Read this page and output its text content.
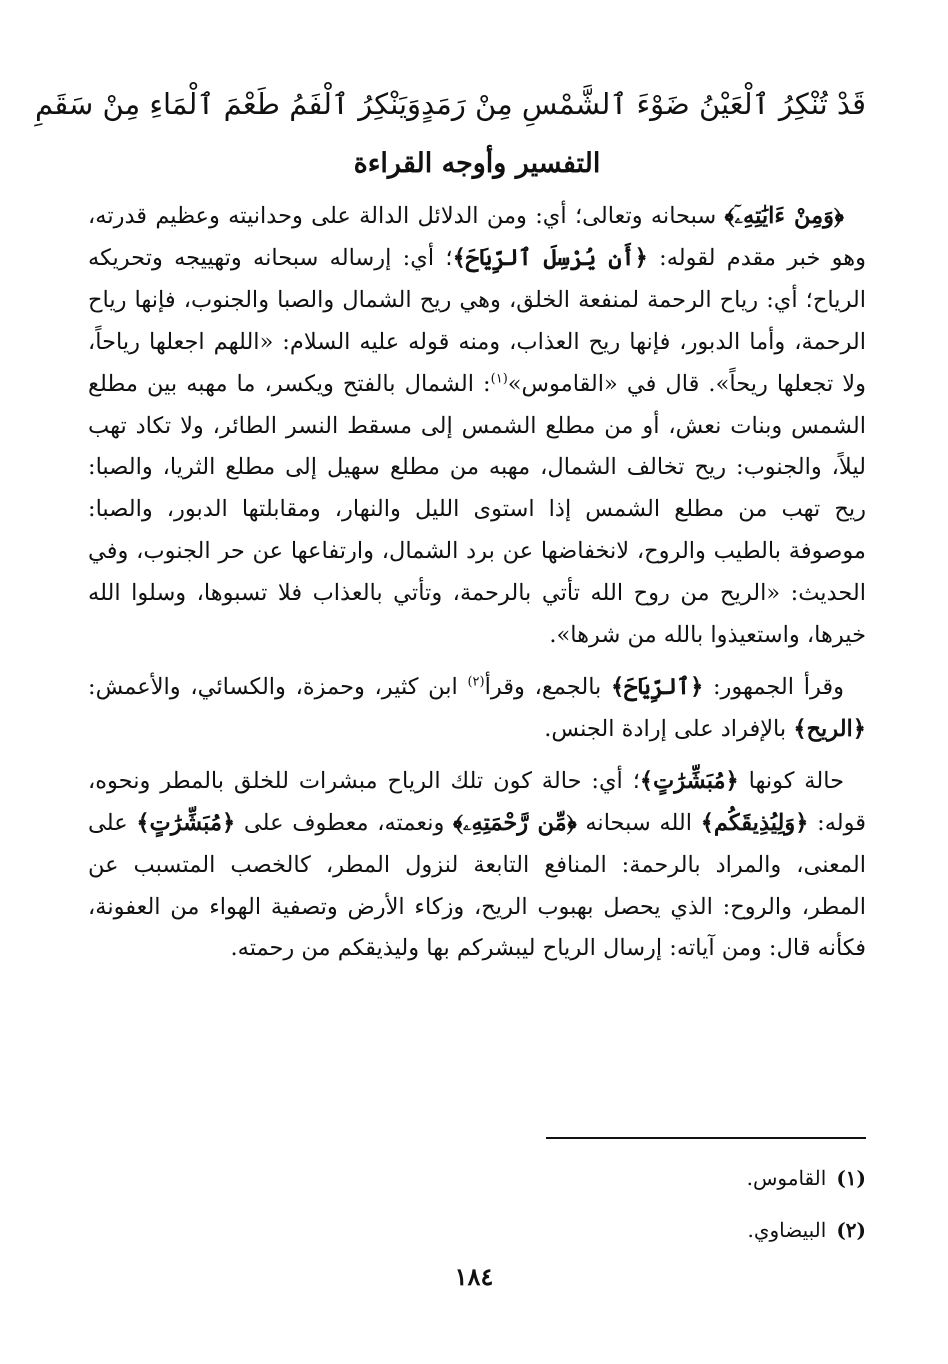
قَدْ تُنْكِرُ ٱلْعَيْنُ ضَوْءَ ٱلشَّمْسِ مِنْ رَمَدٍ
وَيَنْكِرُ ٱلْفَمُ طَعْمَ ٱلْمَاءِ مِنْ سَقَمِ
التفسير وأوجه القراءة

﴿وَمِنْ ءَايَٰتِهِۦٓ﴾ سبحانه وتعالى؛ أي: ومن الدلائل الدالة على وحدانيته وعظيم قدرته، وهو خبر مقدم لقوله: ﴿أَن يُرْسِلَ ٱلرِّيَاحَ﴾؛ أي: إرساله سبحانه وتهييجه وتحريكه الرياح؛ أي: رياح الرحمة لمنفعة الخلق، وهي ريح الشمال والصبا والجنوب، فإنها رياح الرحمة، وأما الدبور، فإنها ريح العذاب، ومنه قوله عليه السلام: «اللهم اجعلها رياحاً، ولا تجعلها ريحاً». قال في «القاموس»$^{(١)}$: الشمال بالفتح ويكسر، ما مهبه بين مطلع الشمس وبنات نعش، أو من مطلع الشمس إلى مسقط النسر الطائر، ولا تكاد تهب ليلاً، والجنوب: ريح تخالف الشمال، مهبه من مطلع سهيل إلى مطلع الثريا، والصبا: ريح تهب من مطلع الشمس إذا استوى الليل والنهار، ومقابلتها الدبور، والصبا: موصوفة بالطيب والروح، لانخفاضها عن برد الشمال، وارتفاعها عن حر الجنوب، وفي الحديث: «الريح من روح الله تأتي بالرحمة، وتأتي بالعذاب فلا تسبوها، وسلوا الله خيرها، واستعيذوا بالله من شرها».

وقرأ الجمهور: ﴿ٱلرِّيَاحَ﴾ بالجمع، وقرأ$^{(٢)}$ ابن كثير، وحمزة، والكسائي، والأعمش: ﴿الريح﴾ بالإفراد على إرادة الجنس.

حالة كونها ﴿مُبَشِّرَٰتٍ﴾؛ أي: حالة كون تلك الرياح مبشرات للخلق بالمطر ونحوه، قوله: ﴿وَلِيُذِيقَكُم﴾ الله سبحانه ﴿مِّن رَّحْمَتِهِۦ﴾ ونعمته، معطوف على ﴿مُبَشِّرَٰتٍ﴾ على المعنى، والمراد بالرحمة: المنافع التابعة لنزول المطر، كالخصب المتسبب عن المطر، والروح: الذي يحصل بهبوب الريح، وزكاء الأرض وتصفية الهواء من العفونة، فكأنه قال: ومن آياته: إرسال الرياح ليبشركم بها وليذيقكم من رحمته.

(١)القاموس.
(٢)البيضاوي.
١٨٤
